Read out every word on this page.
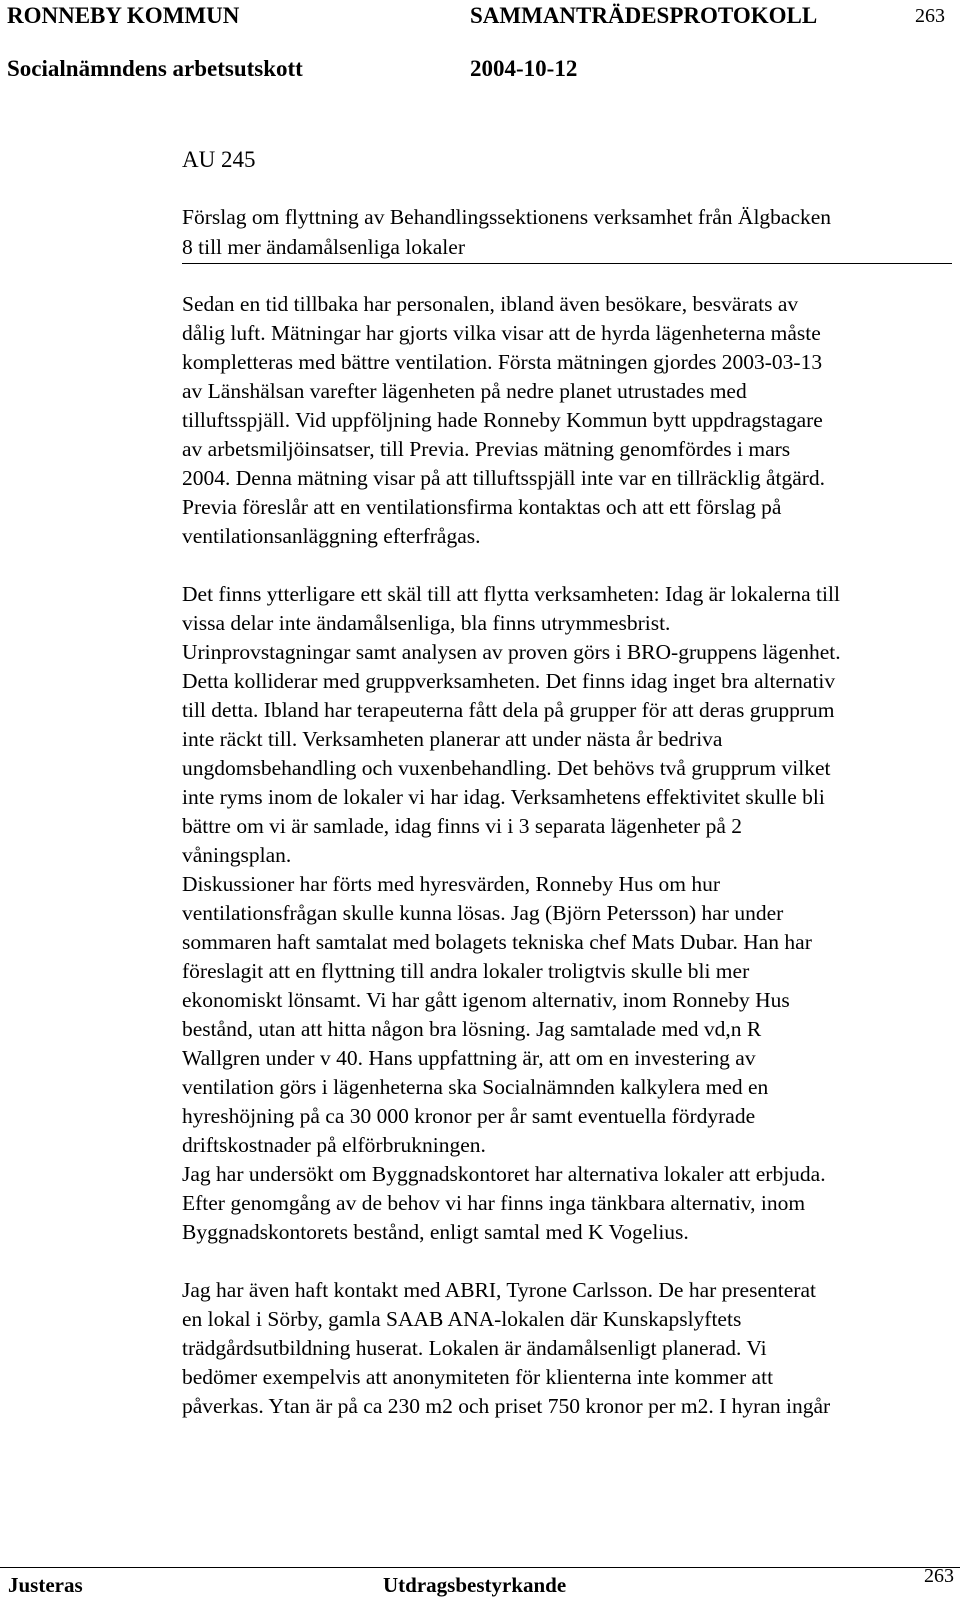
RONNEBY KOMMUN	SAMMANTRÄDESPROTOKOLL	263
Socialnämndens arbetsutskott	2004-10-12
AU 245
Förslag om flyttning av Behandlingssektionens verksamhet från Älgbacken
8 till mer ändamålsenliga lokaler

Sedan en tid tillbaka har personalen, ibland även besökare, besvärats av
dålig luft. Mätningar har gjorts vilka visar att de hyrda lägenheterna måste
kompletteras med bättre ventilation. Första mätningen gjordes 2003-03-13
av Länshälsan varefter lägenheten på nedre planet utrustades med
tilluftsspjäll. Vid uppföljning hade Ronneby Kommun bytt uppdragstagare
av arbetsmiljöinsatser, till Previa. Previas mätning genomfördes i mars
2004. Denna mätning visar på att tilluftsspjäll inte var en tillräcklig åtgärd.
Previa föreslår att en ventilationsfirma kontaktas och att ett förslag på
ventilationsanläggning efterfrågas.

Det finns ytterligare ett skäl till att flytta verksamheten: Idag är lokalerna till
vissa delar inte ändamålsenliga, bla finns utrymmesbrist.
Urinprovstagningar samt analysen av proven görs i BRO-gruppens lägenhet.
Detta kolliderar med gruppverksamheten. Det finns idag inget bra alternativ
till detta. Ibland har terapeuterna fått dela på grupper för att deras grupprum
inte räckt till. Verksamheten planerar att under nästa år bedriva
ungdomsbehandling och vuxenbehandling. Det behövs två grupprum vilket
inte ryms inom de lokaler vi har idag. Verksamhetens effektivitet skulle bli
bättre om vi är samlade, idag finns vi i 3 separata lägenheter på 2
våningsplan.
Diskussioner har förts med hyresvärden, Ronneby Hus om hur
ventilationsfrågan skulle kunna lösas. Jag (Björn Petersson) har under
sommaren haft samtalat med bolagets tekniska chef Mats Dubar. Han har
föreslagit att en flyttning till andra lokaler troligtvis skulle bli mer
ekonomiskt lönsamt. Vi har gått igenom alternativ, inom Ronneby Hus
bestånd, utan att hitta någon bra lösning. Jag samtalade med vd,n R
Wallgren under v 40. Hans uppfattning är, att om en investering av
ventilation görs i lägenheterna ska Socialnämnden kalkylera med en
hyreshöjning på ca 30 000 kronor per år samt eventuella fördyrade
driftskostnader på elförbrukningen.
Jag har undersökt om Byggnadskontoret har alternativa lokaler att erbjuda.
Efter genomgång av de behov vi har finns inga tänkbara alternativ, inom
Byggnadskontorets bestånd, enligt samtal med K Vogelius.

Jag har även haft kontakt med ABRI, Tyrone Carlsson. De har presenterat
en lokal i Sörby, gamla SAAB ANA-lokalen där Kunskapslyftets
trädgårdsutbildning huserat. Lokalen är ändamålsenligt planerad. Vi
bedömer exempelvis att anonymiteten för klienterna inte kommer att
påverkas. Ytan är på ca 230 m2 och priset 750 kronor per m2. I hyran ingår

Justeras	Utdragsbestyrkande	263
